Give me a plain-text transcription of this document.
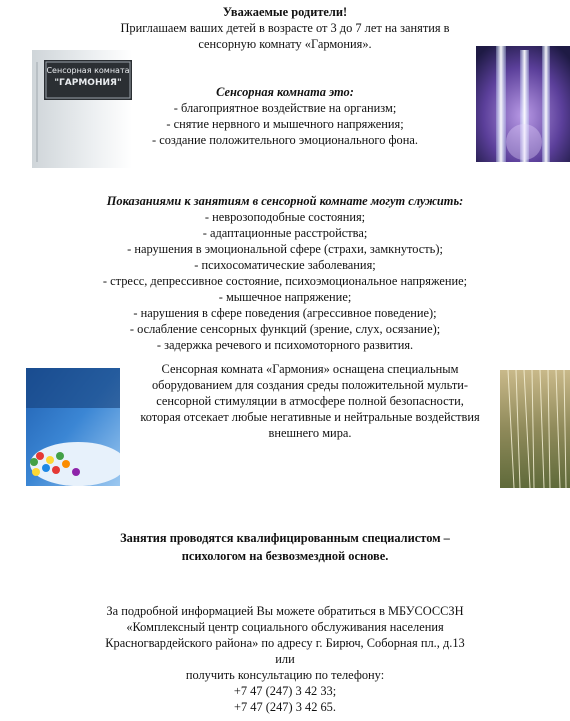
Уважаемые родители!
Приглашаем ваших детей в возрасте от 3 до 7 лет на занятия в
сенсорную комнату «Гармония».
Сенсорная комната
"ГАРМОНИЯ"
Сенсорная комната это:
- благоприятное воздействие на организм;
- снятие нервного и мышечного напряжения;
- создание положительного эмоционального фона.
Показаниями к занятиям в сенсорной комнате могут служить:
- неврозоподобные состояния;
- адаптационные расстройства;
- нарушения в эмоциональной сфере (страхи, замкнутость);
- психосоматические заболевания;
- стресс, депрессивное состояние, психоэмоциональное напряжение;
- мышечное напряжение;
- нарушения в сфере поведения (агрессивное поведение);
- ослабление сенсорных функций (зрение, слух, осязание);
- задержка речевого и психомоторного развития.
Сенсорная комната «Гармония» оснащена специальным
оборудованием для создания среды положительной мульти-
сенсорной стимуляции в атмосфере полной безопасности,
которая отсекает любые негативные и нейтральные воздействия
внешнего мира.
Занятия проводятся квалифицированным специалистом –
психологом на безвозмездной основе.
За подробной информацией Вы можете обратиться в МБУСОССЗН
«Комплексный центр социального обслуживания населения
Красногвардейского района» по адресу г. Бирюч, Соборная пл., д.13
или
получить консультацию по телефону:
+7 47 (247) 3 42 33;
+7 47 (247) 3 42 65.
